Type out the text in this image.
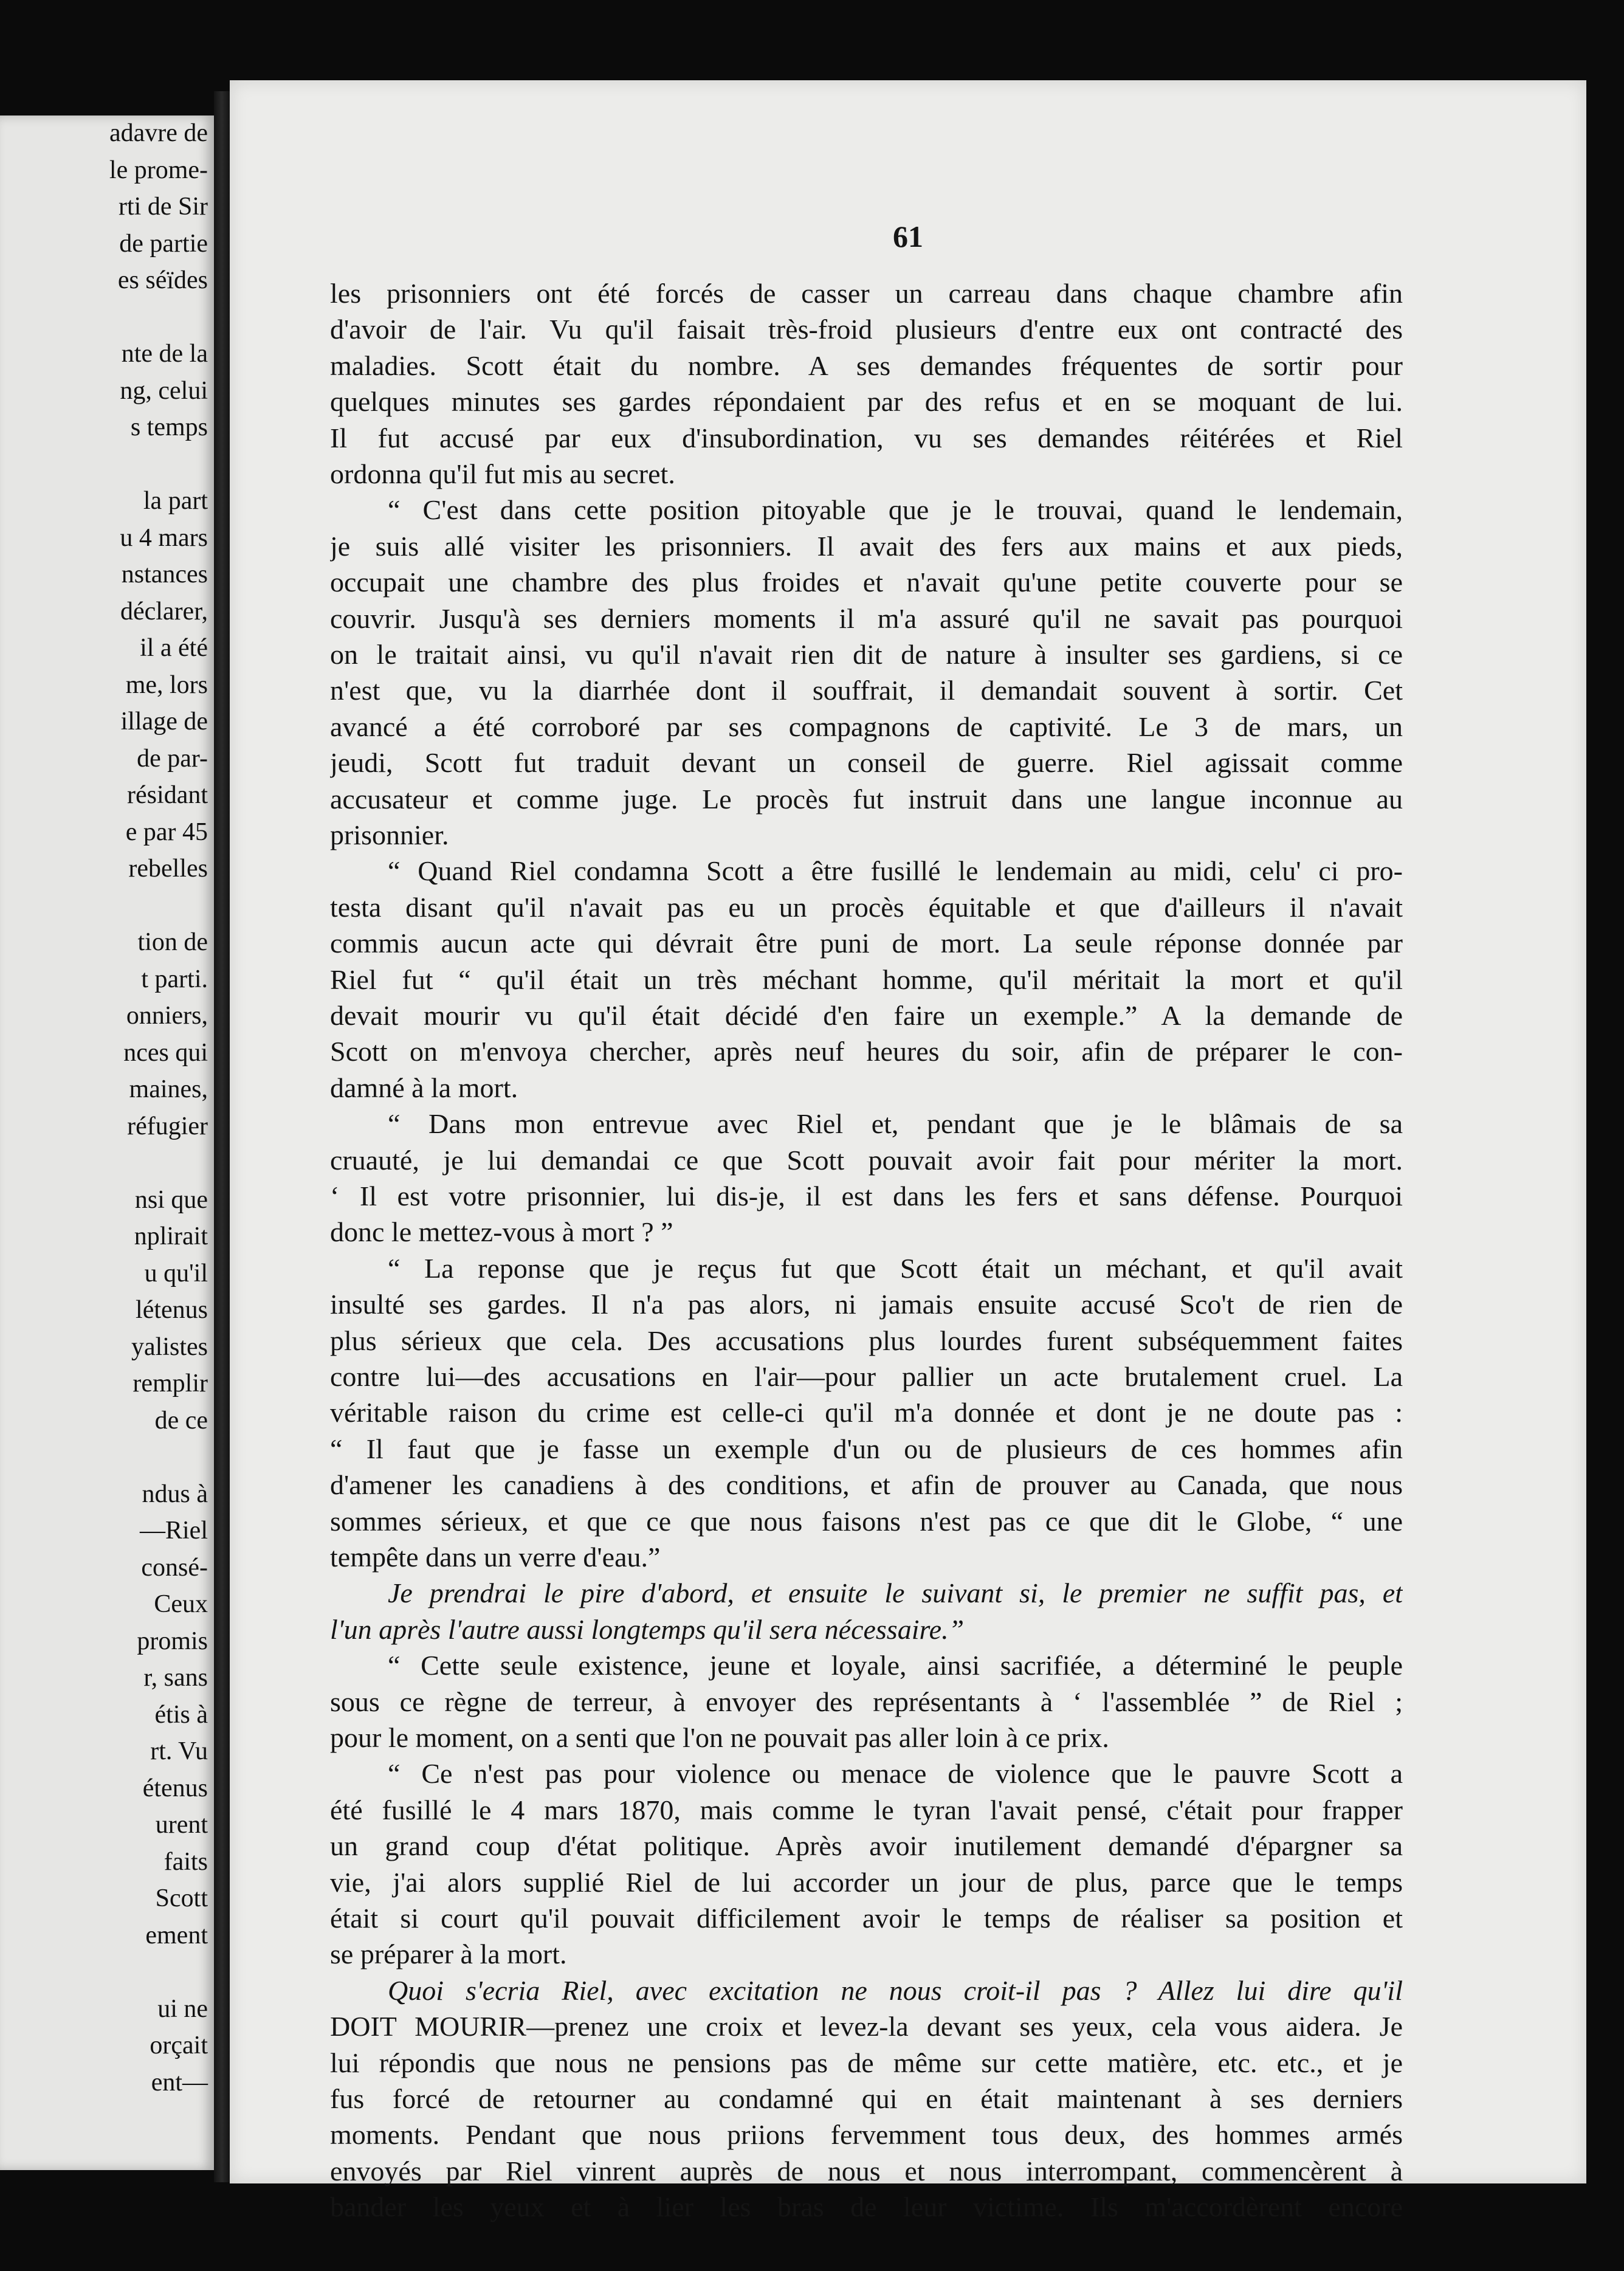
adavre de
le prome-
rti de Sir
de partie
es séïdes
nte de la
ng, celui
s temps
la part
u 4 mars
nstances
déclarer,
il a été
me, lors
illage de
de par-
résidant
e par 45
rebelles
tion de
t parti.
onniers,
nces qui
maines,
réfugier
nsi que
nplirait
u qu'il
létenus
yalistes
remplir
de ce
ndus à
—Riel
consé-
Ceux
promis
r, sans
étis à
rt. Vu
étenus
urent
faits
Scott
ement
ui ne
orçait
ent—
61
les prisonniers ont été forcés de casser un carreau dans chaque chambre afin
d'avoir de l'air. Vu qu'il faisait très-froid plusieurs d'entre eux ont contracté des
maladies. Scott était du nombre. A ses demandes fréquentes de sortir pour
quelques minutes ses gardes répondaient par des refus et en se moquant de lui.
Il fut accusé par eux d'insubordination, vu ses demandes réitérées et Riel
ordonna qu'il fut mis au secret.
“ C'est dans cette position pitoyable que je le trouvai, quand le lendemain,
je suis allé visiter les prisonniers. Il avait des fers aux mains et aux pieds,
occupait une chambre des plus froides et n'avait qu'une petite couverte pour se
couvrir. Jusqu'à ses derniers moments il m'a assuré qu'il ne savait pas pourquoi
on le traitait ainsi, vu qu'il n'avait rien dit de nature à insulter ses gardiens, si ce
n'est que, vu la diarrhée dont il souffrait, il demandait souvent à sortir. Cet
avancé a été corroboré par ses compagnons de captivité. Le 3 de mars, un
jeudi, Scott fut traduit devant un conseil de guerre. Riel agissait comme
accusateur et comme juge. Le procès fut instruit dans une langue inconnue au
prisonnier.
“ Quand Riel condamna Scott a être fusillé le lendemain au midi, celu' ci pro-
testa disant qu'il n'avait pas eu un procès équitable et que d'ailleurs il n'avait
commis aucun acte qui dévrait être puni de mort. La seule réponse donnée par
Riel fut “ qu'il était un très méchant homme, qu'il méritait la mort et qu'il
devait mourir vu qu'il était décidé d'en faire un exemple.” A la demande de
Scott on m'envoya chercher, après neuf heures du soir, afin de préparer le con-
damné à la mort.
“ Dans mon entrevue avec Riel et, pendant que je le blâmais de sa
cruauté, je lui demandai ce que Scott pouvait avoir fait pour mériter la mort.
‘ Il est votre prisonnier, lui dis-je, il est dans les fers et sans défense. Pourquoi
donc le mettez-vous à mort ? ”
“ La reponse que je reçus fut que Scott était un méchant, et qu'il avait
insulté ses gardes. Il n'a pas alors, ni jamais ensuite accusé Sco't de rien de
plus sérieux que cela. Des accusations plus lourdes furent subséquemment faites
contre lui—des accusations en l'air—pour pallier un acte brutalement cruel. La
véritable raison du crime est celle-ci qu'il m'a donnée et dont je ne doute pas :
“ Il faut que je fasse un exemple d'un ou de plusieurs de ces hommes afin
d'amener les canadiens à des conditions, et afin de prouver au Canada, que nous
sommes sérieux, et que ce que nous faisons n'est pas ce que dit le Globe, “ une
tempête dans un verre d'eau.”
Je prendrai le pire d'abord, et ensuite le suivant si, le premier ne suffit pas, et
l'un après l'autre aussi longtemps qu'il sera nécessaire.”
“ Cette seule existence, jeune et loyale, ainsi sacrifiée, a déterminé le peuple
sous ce règne de terreur, à envoyer des représentants à ‘ l'assemblée ” de Riel ;
pour le moment, on a senti que l'on ne pouvait pas aller loin à ce prix.
“ Ce n'est pas pour violence ou menace de violence que le pauvre Scott a
été fusillé le 4 mars 1870, mais comme le tyran l'avait pensé, c'était pour frapper
un grand coup d'état politique. Après avoir inutilement demandé d'épargner sa
vie, j'ai alors supplié Riel de lui accorder un jour de plus, parce que le temps
était si court qu'il pouvait difficilement avoir le temps de réaliser sa position et
se préparer à la mort.
Quoi s'ecria Riel, avec excitation ne nous croit-il pas ? Allez lui dire qu'il
DOIT MOURIR—prenez une croix et levez-la devant ses yeux, cela vous aidera. Je
lui répondis que nous ne pensions pas de même sur cette matière, etc. etc., et je
fus forcé de retourner au condamné qui en était maintenant à ses derniers
moments. Pendant que nous priions fervemment tous deux, des hommes armés
envoyés par Riel vinrent auprès de nous et nous interrompant, commencèrent à
bander les yeux et à lier les bras de leur victime. Ils m'accordèrent encore
